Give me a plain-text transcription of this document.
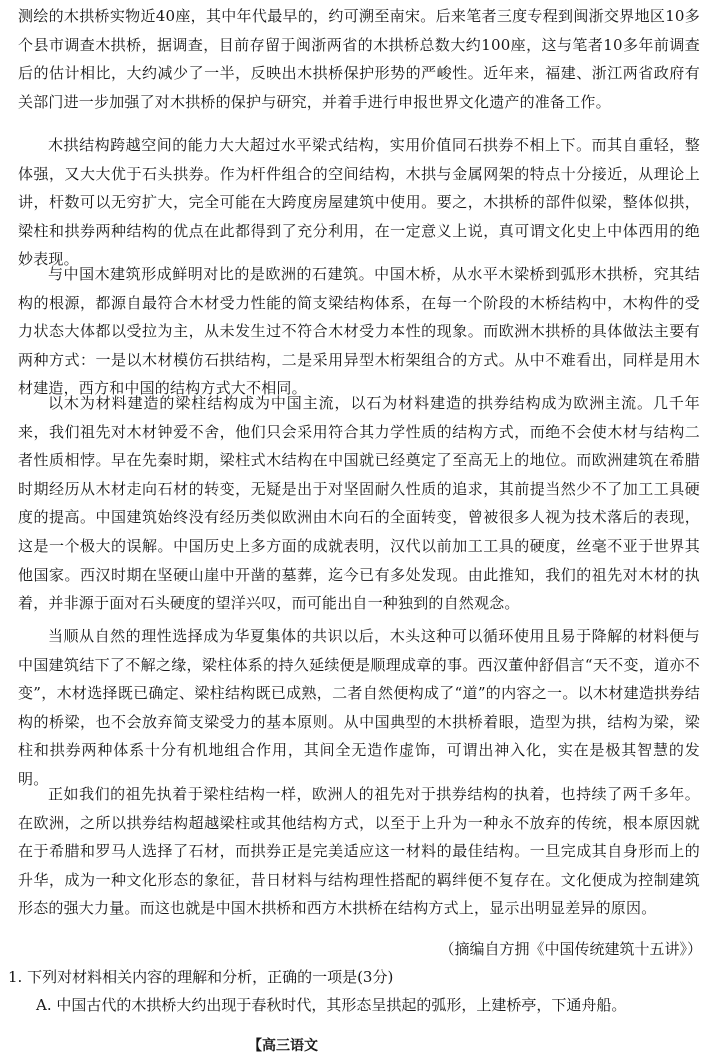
测绘的木拱桥实物近40座，其中年代最早的，约可溯至南宋。后来笔者三度专程到闽浙交界地区10多个县市调查木拱桥，据调查，目前存留于闽浙两省的木拱桥总数大约100座，这与笔者10多年前调查后的估计相比，大约减少了一半，反映出木拱桥保护形势的严峻性。近年来，福建、浙江两省政府有关部门进一步加强了对木拱桥的保护与研究，并着手进行申报世界文化遗产的准备工作。

木拱结构跨越空间的能力大大超过水平梁式结构，实用价值同石拱券不相上下。而其自重轻，整体强，又大大优于石头拱券。作为杆件组合的空间结构，木拱与金属网架的特点十分接近，从理论上讲，杆数可以无穷扩大，完全可能在大跨度房屋建筑中使用。要之，木拱桥的部件似梁，整体似拱，梁柱和拱券两种结构的优点在此都得到了充分利用，在一定意义上说，真可谓文化史上中体西用的绝妙表现。

与中国木建筑形成鲜明对比的是欧洲的石建筑。中国木桥，从水平木梁桥到弧形木拱桥，究其结构的根源，都源自最符合木材受力性能的简支梁结构体系，在每一个阶段的木桥结构中，木构件的受力状态大体都以受拉为主，从未发生过不符合木材受力本性的现象。而欧洲木拱桥的具体做法主要有两种方式：一是以木材模仿石拱结构，二是采用异型木桁架组合的方式。从中不难看出，同样是用木材建造，西方和中国的结构方式大不相同。

以木为材料建造的梁柱结构成为中国主流，以石为材料建造的拱券结构成为欧洲主流。几千年来，我们祖先对木材钟爱不舍，他们只会采用符合其力学性质的结构方式，而绝不会使木材与结构二者性质相悖。早在先秦时期，梁柱式木结构在中国就已经奠定了至高无上的地位。而欧洲建筑在希腊时期经历从木材走向石材的转变，无疑是出于对坚固耐久性质的追求，其前提当然少不了加工工具硬度的提高。中国建筑始终没有经历类似欧洲由木向石的全面转变，曾被很多人视为技术落后的表现，这是一个极大的误解。中国历史上多方面的成就表明，汉代以前加工工具的硬度，丝毫不亚于世界其他国家。西汉时期在坚硬山崖中开凿的墓葬，迄今已有多处发现。由此推知，我们的祖先对木材的执着，并非源于面对石头硬度的望洋兴叹，而可能出自一种独到的自然观念。

当顺从自然的理性选择成为华夏集体的共识以后，木头这种可以循环使用且易于降解的材料便与中国建筑结下了不解之缘，梁柱体系的持久延续便是顺理成章的事。西汉董仲舒倡言“天不变，道亦不变”，木材选择既已确定、梁柱结构既已成熟，二者自然便构成了“道”的内容之一。以木材建造拱券结构的桥梁，也不会放弃简支梁受力的基本原则。从中国典型的木拱桥着眼，造型为拱，结构为梁，梁柱和拱券两种体系十分有机地组合作用，其间全无造作虚饰，可谓出神入化，实在是极其智慧的发明。

正如我们的祖先执着于梁柱结构一样，欧洲人的祖先对于拱券结构的执着，也持续了两千多年。在欧洲，之所以拱券结构超越梁柱或其他结构方式，以至于上升为一种永不放弃的传统，根本原因就在于希腊和罗马人选择了石材，而拱券正是完美适应这一材料的最佳结构。一旦完成其自身形而上的升华，成为一种文化形态的象征，昔日材料与结构理性搭配的羁绊便不复存在。文化便成为控制建筑形态的强大力量。而这也就是中国木拱桥和西方木拱桥在结构方式上，显示出明显差异的原因。

（摘编自方拥《中国传统建筑十五讲》）

1. 下列对材料相关内容的理解和分析，正确的一项是(3分)

A. 中国古代的木拱桥大约出现于春秋时代，其形态呈拱起的弧形，上建桥亭，下通舟船。

【高三语文
